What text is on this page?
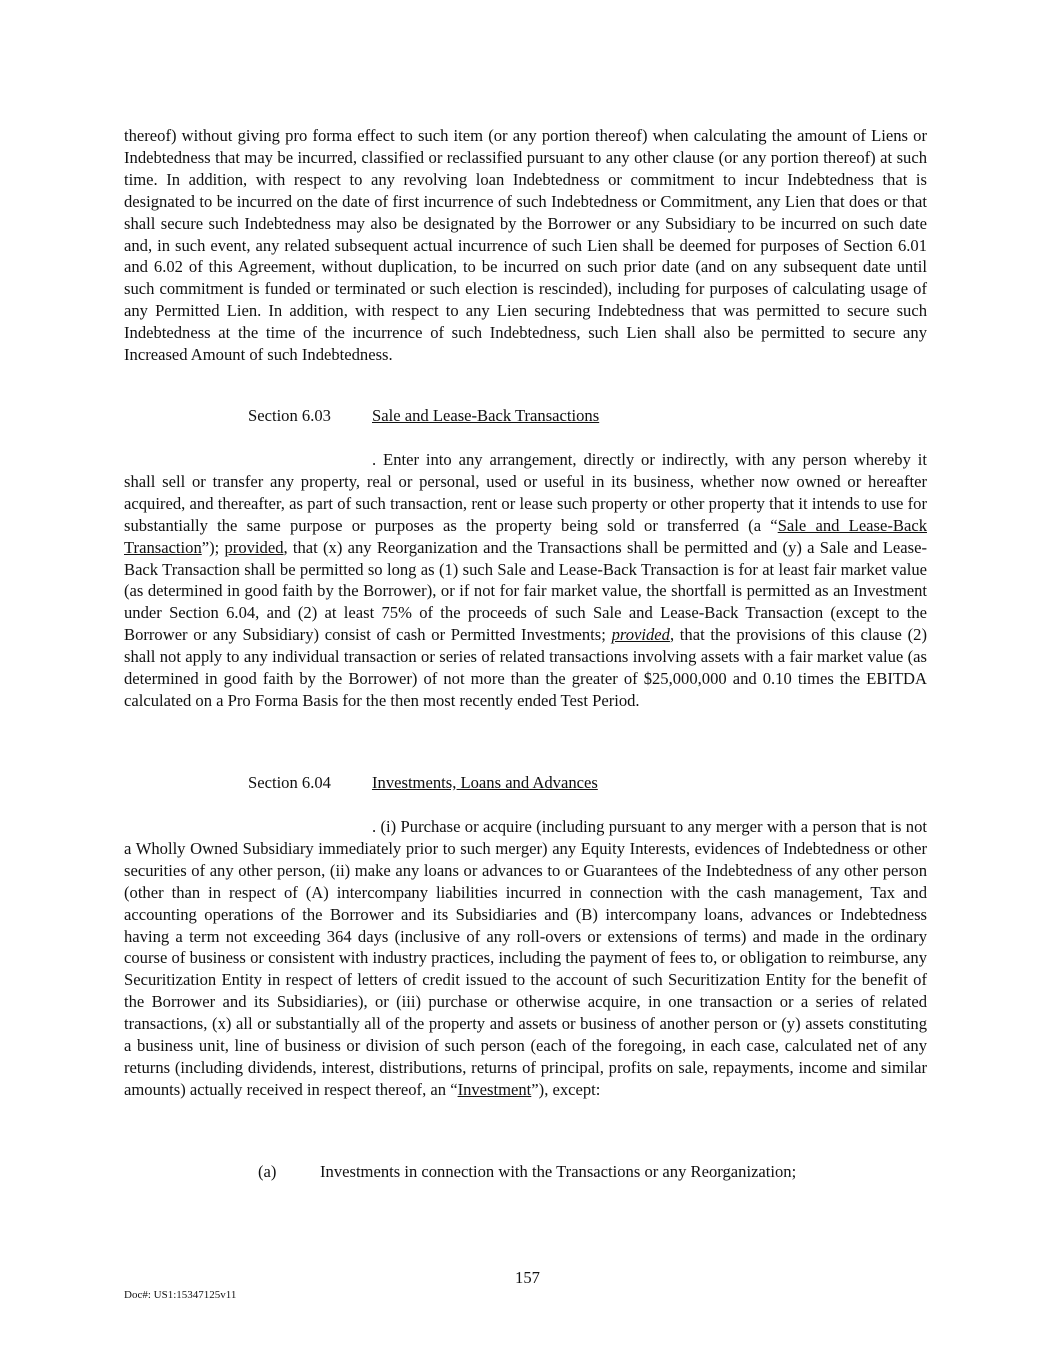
thereof) without giving pro forma effect to such item (or any portion thereof) when calculating the amount of Liens or Indebtedness that may be incurred, classified or reclassified pursuant to any other clause (or any portion thereof) at such time. In addition, with respect to any revolving loan Indebtedness or commitment to incur Indebtedness that is designated to be incurred on the date of first incurrence of such Indebtedness or Commitment, any Lien that does or that shall secure such Indebtedness may also be designated by the Borrower or any Subsidiary to be incurred on such date and, in such event, any related subsequent actual incurrence of such Lien shall be deemed for purposes of Section 6.01 and 6.02 of this Agreement, without duplication, to be incurred on such prior date (and on any subsequent date until such commitment is funded or terminated or such election is rescinded), including for purposes of calculating usage of any Permitted Lien. In addition, with respect to any Lien securing Indebtedness that was permitted to secure such Indebtedness at the time of the incurrence of such Indebtedness, such Lien shall also be permitted to secure any Increased Amount of such Indebtedness.

Section 6.03 Sale and Lease-Back Transactions

. Enter into any arrangement, directly or indirectly, with any person whereby it shall sell or transfer any property, real or personal, used or useful in its business, whether now owned or hereafter acquired, and thereafter, as part of such transaction, rent or lease such property or other property that it intends to use for substantially the same purpose or purposes as the property being sold or transferred (a “Sale and Lease-Back Transaction”); provided, that (x) any Reorganization and the Transactions shall be permitted and (y) a Sale and Lease-Back Transaction shall be permitted so long as (1) such Sale and Lease-Back Transaction is for at least fair market value (as determined in good faith by the Borrower), or if not for fair market value, the shortfall is permitted as an Investment under Section 6.04, and (2) at least 75% of the proceeds of such Sale and Lease-Back Transaction (except to the Borrower or any Subsidiary) consist of cash or Permitted Investments; provided, that the provisions of this clause (2) shall not apply to any individual transaction or series of related transactions involving assets with a fair market value (as determined in good faith by the Borrower) of not more than the greater of $25,000,000 and 0.10 times the EBITDA calculated on a Pro Forma Basis for the then most recently ended Test Period.

Section 6.04 Investments, Loans and Advances

. (i) Purchase or acquire (including pursuant to any merger with a person that is not a Wholly Owned Subsidiary immediately prior to such merger) any Equity Interests, evidences of Indebtedness or other securities of any other person, (ii) make any loans or advances to or Guarantees of the Indebtedness of any other person (other than in respect of (A) intercompany liabilities incurred in connection with the cash management, Tax and accounting operations of the Borrower and its Subsidiaries and (B) intercompany loans, advances or Indebtedness having a term not exceeding 364 days (inclusive of any roll-overs or extensions of terms) and made in the ordinary course of business or consistent with industry practices, including the payment of fees to, or obligation to reimburse, any Securitization Entity in respect of letters of credit issued to the account of such Securitization Entity for the benefit of the Borrower and its Subsidiaries), or (iii) purchase or otherwise acquire, in one transaction or a series of related transactions, (x) all or substantially all of the property and assets or business of another person or (y) assets constituting a business unit, line of business or division of such person (each of the foregoing, in each case, calculated net of any returns (including dividends, interest, distributions, returns of principal, profits on sale, repayments, income and similar amounts) actually received in respect thereof, an “Investment”), except:

(a)	Investments in connection with the Transactions or any Reorganization;
157
Doc#: US1:15347125v11
